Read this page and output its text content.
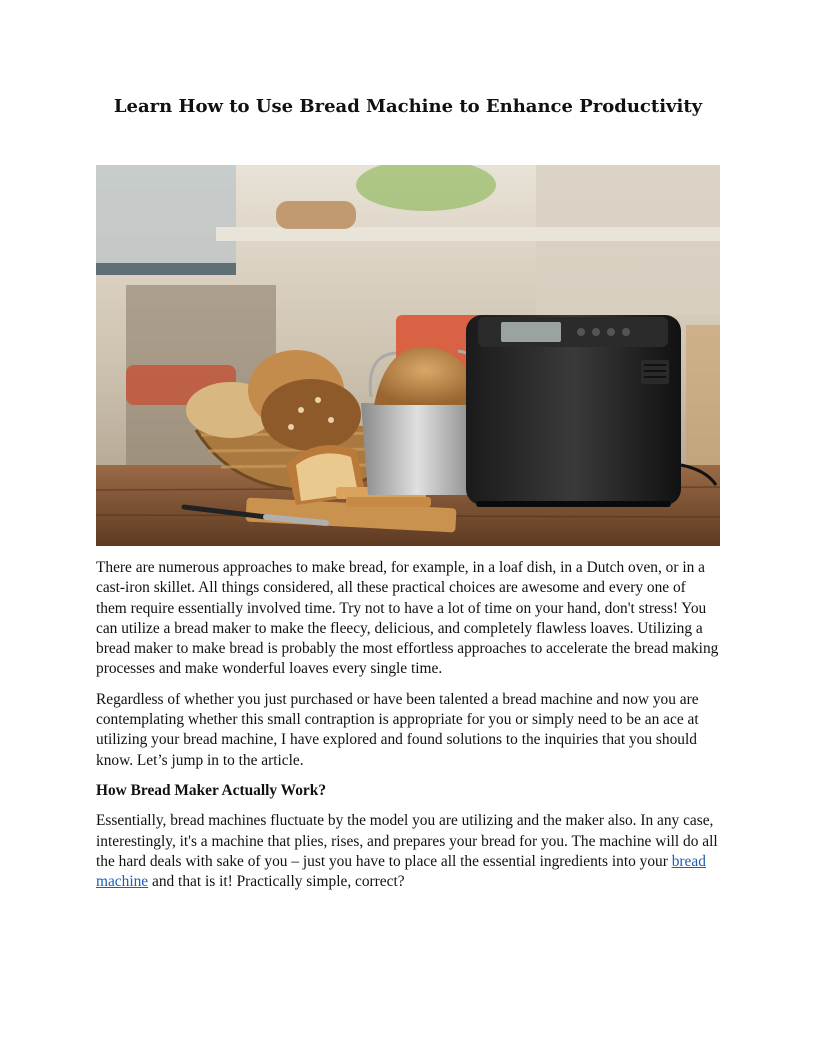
Learn How to Use Bread Machine to Enhance Productivity

There are numerous approaches to make bread, for example, in a loaf dish, in a Dutch oven, or in a cast-iron skillet. All things considered, all these practical choices are awesome and every one of them require essentially involved time. Try not to have a lot of time on your hand, don't stress! You can utilize a bread maker to make the fleecy, delicious, and completely flawless loaves. Utilizing a bread maker to make bread is probably the most effortless approaches to accelerate the bread making processes and make wonderful loaves every single time.

Regardless of whether you just purchased or have been talented a bread machine and now you are contemplating whether this small contraption is appropriate for you or simply need to be an ace at utilizing your bread machine, I have explored and found solutions to the inquiries that you should know. Let’s jump in to the article.

How Bread Maker Actually Work?

Essentially, bread machines fluctuate by the model you are utilizing and the maker also. In any case, interestingly, it's a machine that plies, rises, and prepares your bread for you. The machine will do all the hard deals with sake of you – just you have to place all the essential ingredients into your bread machine and that is it! Practically simple, correct?
